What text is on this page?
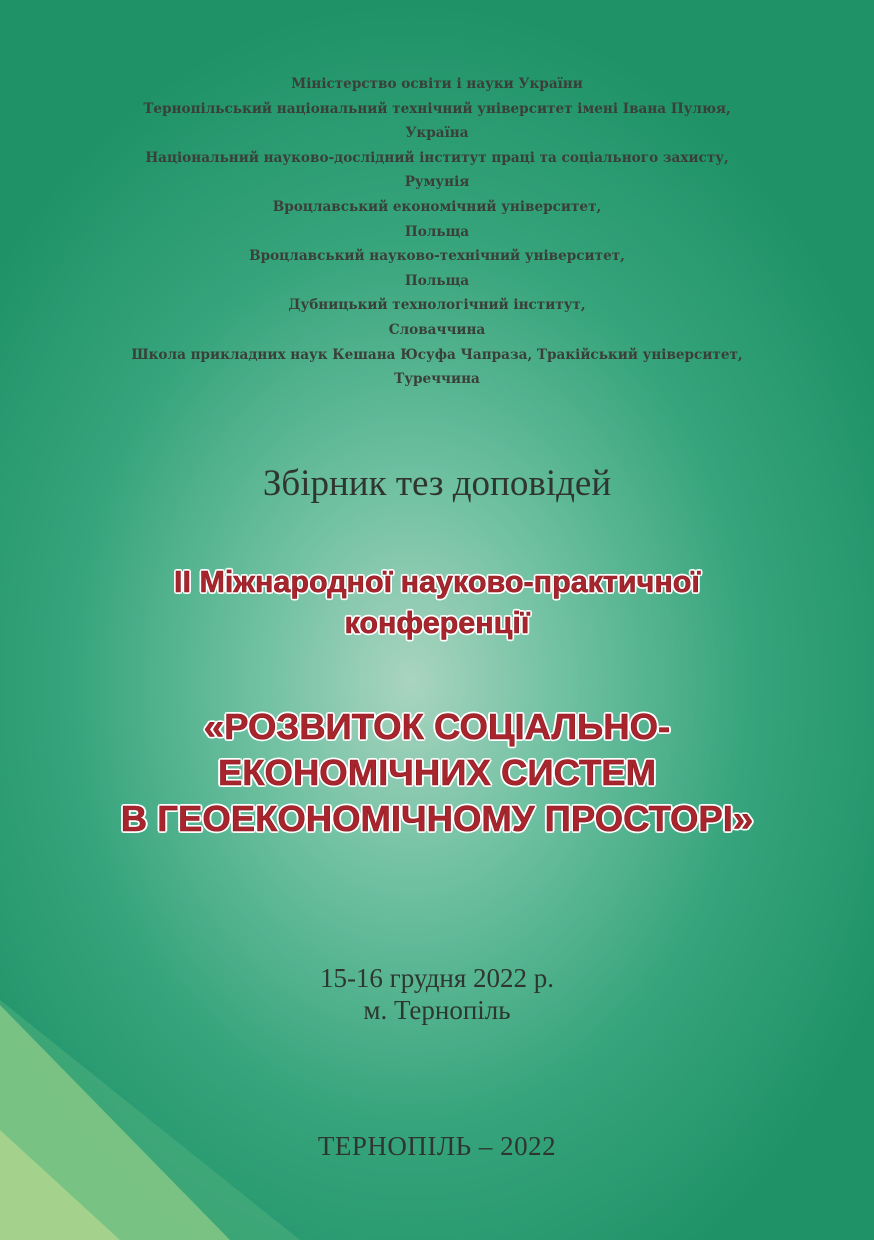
Міністерство освіти і науки України
Тернопільський національний технічний університет імені Івана Пулюя,
Україна
Національний науково-дослідний інститут праці та соціального захисту,
Румунія
Вроцлавський економічний університет,
Польща
Вроцлавський науково-технічний університет,
Польща
Дубницький технологічний інститут,
Словаччина
Школа прикладних наук Кешана Юсуфа Чапраза, Тракійський університет,
Туреччина
Збірник тез доповідей
ІІ Міжнародної науково-практичної
конференції
«РОЗВИТОК СОЦІАЛЬНО-
ЕКОНОМІЧНИХ СИСТЕМ
В ГЕОЕКОНОМІЧНОМУ ПРОСТОРІ»
15-16 грудня 2022 р.
м. Тернопіль
ТЕРНОПІЛЬ – 2022
